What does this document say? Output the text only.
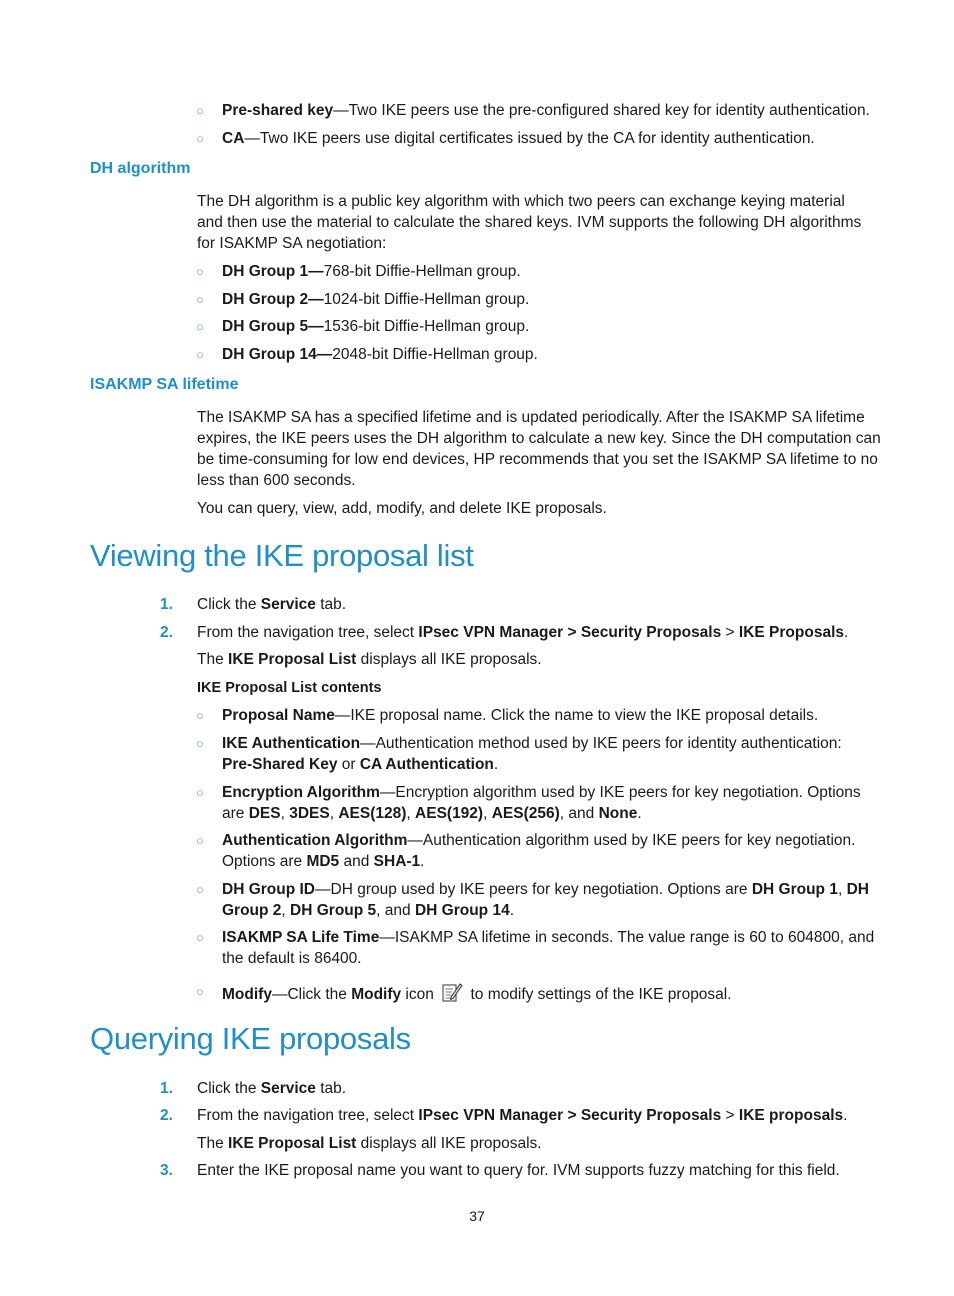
○ Pre-shared key—Two IKE peers use the pre-configured shared key for identity authentication.
○ CA—Two IKE peers use digital certificates issued by the CA for identity authentication.
DH algorithm
The DH algorithm is a public key algorithm with which two peers can exchange keying material
and then use the material to calculate the shared keys. IVM supports the following DH algorithms
for ISAKMP SA negotiation:
○ DH Group 1—768-bit Diffie-Hellman group.
○ DH Group 2—1024-bit Diffie-Hellman group.
○ DH Group 5—1536-bit Diffie-Hellman group.
○ DH Group 14—2048-bit Diffie-Hellman group.
ISAKMP SA lifetime
The ISAKMP SA has a specified lifetime and is updated periodically. After the ISAKMP SA lifetime
expires, the IKE peers uses the DH algorithm to calculate a new key. Since the DH computation can
be time-consuming for low end devices, HP recommends that you set the ISAKMP SA lifetime to no
less than 600 seconds.
You can query, view, add, modify, and delete IKE proposals.
Viewing the IKE proposal list
1. Click the Service tab.
2. From the navigation tree, select IPsec VPN Manager > Security Proposals > IKE Proposals.
The IKE Proposal List displays all IKE proposals.
IKE Proposal List contents
○ Proposal Name—IKE proposal name. Click the name to view the IKE proposal details.
○ IKE Authentication—Authentication method used by IKE peers for identity authentication:
Pre-Shared Key or CA Authentication.
○ Encryption Algorithm—Encryption algorithm used by IKE peers for key negotiation. Options
are DES, 3DES, AES(128), AES(192), AES(256), and None.
○ Authentication Algorithm—Authentication algorithm used by IKE peers for key negotiation.
Options are MD5 and SHA-1.
○ DH Group ID—DH group used by IKE peers for key negotiation. Options are DH Group 1, DH
Group 2, DH Group 5, and DH Group 14.
○ ISAKMP SA Life Time—ISAKMP SA lifetime in seconds. The value range is 60 to 604800, and
the default is 86400.
○ Modify—Click the Modify icon  to modify settings of the IKE proposal.
Querying IKE proposals
1. Click the Service tab.
2. From the navigation tree, select IPsec VPN Manager > Security Proposals > IKE proposals.
The IKE Proposal List displays all IKE proposals.
3. Enter the IKE proposal name you want to query for. IVM supports fuzzy matching for this field.
37
